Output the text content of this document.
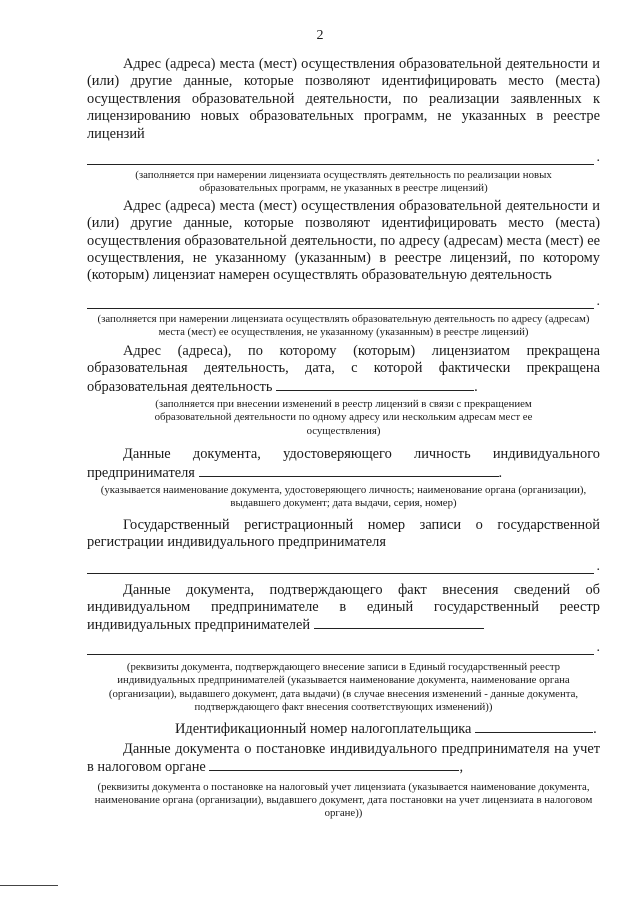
2

Адрес (адреса) места (мест) осуществления образовательной деятельности и (или) другие данные, которые позволяют идентифицировать место (места) осуществления образовательной деятельности, по реализации заявленных к лицензированию новых образовательных программ, не указанных в реестре лицензий

.

(заполняется при намерении лицензиата осуществлять деятельность по реализации новых образовательных программ, не указанных в реестре лицензий)

Адрес (адреса) места (мест) осуществления образовательной деятельности и (или) другие данные, которые позволяют идентифицировать место (места) осуществления образовательной деятельности, по адресу (адресам) места (мест) ее осуществления, не указанному (указанным) в реестре лицензий, по которому (которым) лицензиат намерен осуществлять образовательную деятельность

.

(заполняется при намерении лицензиата осуществлять образовательную деятельность по адресу (адресам) места (мест) ее осуществления, не указанному (указанным) в реестре лицензий)

Адрес (адреса), по которому (которым) лицензиатом прекращена образовательная деятельность, дата, с которой фактически прекращена образовательная деятельность	.

(заполняется при внесении изменений в реестр лицензий в связи с прекращением образовательной деятельности по одному адресу или нескольким адресам мест ее осуществления)

Данные документа, удостоверяющего личность индивидуального предпринимателя	.

(указывается наименование документа, удостоверяющего личность; наименование органа (организации), выдавшего документ; дата выдачи, серия, номер)

Государственный регистрационный номер записи о государственной регистрации индивидуального предпринимателя

.

Данные документа, подтверждающего факт внесения сведений об индивидуальном предпринимателе в единый государственный реестр индивидуальных предпринимателей

.

(реквизиты документа, подтверждающего внесение записи в Единый государственный реестр индивидуальных предпринимателей (указывается наименование документа, наименование органа (организации), выдавшего документ, дата выдачи) (в случае внесения изменений - данные документа, подтверждающего факт внесения соответствующих изменений))

Идентификационный номер налогоплательщика	.

Данные документа о постановке индивидуального предпринимателя на учет в налоговом органе	,

(реквизиты документа о постановке на налоговый учет лицензиата (указывается наименование документа, наименование органа (организации), выдавшего документ, дата постановки на учет лицензиата в налоговом органе))
